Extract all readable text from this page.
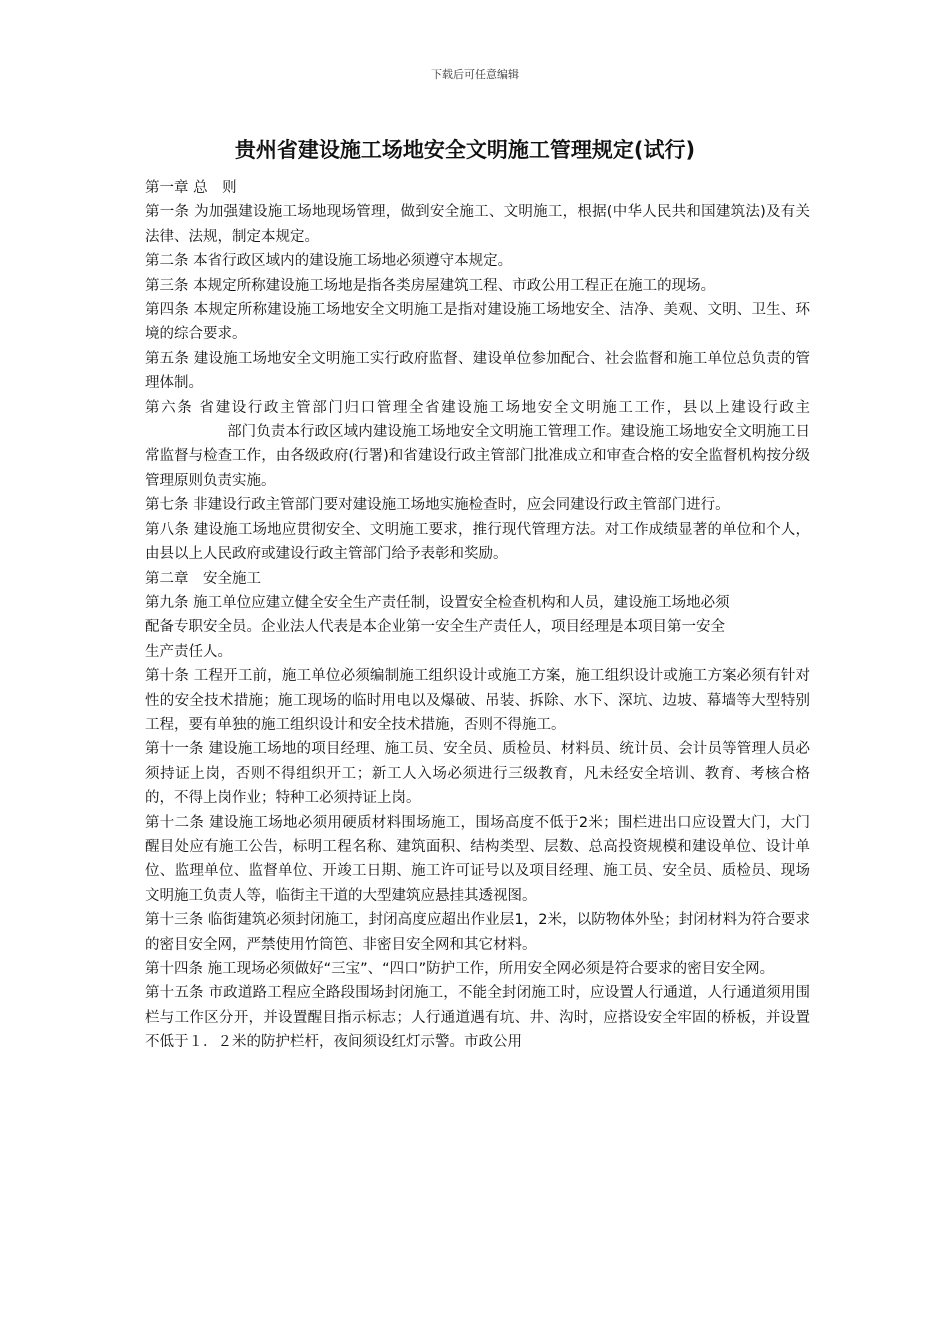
下载后可任意编辑
贵州省建设施工场地安全文明施工管理规定(试行)

第一章 总　则

第一条 为加强建设施工场地现场管理，做到安全施工、文明施工，根据(中华人民共和国建筑法)及有关法律、法规，制定本规定。

第二条 本省行政区域内的建设施工场地必须遵守本规定。

第三条 本规定所称建设施工场地是指各类房屋建筑工程、市政公用工程正在施工的现场。

第四条 本规定所称建设施工场地安全文明施工是指对建设施工场地安全、洁净、美观、文明、卫生、环境的综合要求。

第五条 建设施工场地安全文明施工实行政府监督、建设单位参加配合、社会监督和施工单位总负责的管理体制。

第六条 省建设行政主管部门归口管理全省建设施工场地安全文明施工工作，县以上建设行政主部门负责本行政区域内建设施工场地安全文明施工管理工作。建设施工场地安全文明施工日常监督与检查工作，由各级政府(行署)和省建设行政主管部门批准成立和审查合格的安全监督机构按分级管理原则负责实施。

第七条 非建设行政主管部门要对建设施工场地实施检查时，应会同建设行政主管部门进行。

第八条 建设施工场地应贯彻安全、文明施工要求，推行现代管理方法。对工作成绩显著的单位和个人，由县以上人民政府或建设行政主管部门给予表彰和奖励。

第二章　安全施工

第九条 施工单位应建立健全安全生产责任制，设置安全检查机构和人员，建设施工场地必须

配备专职安全员。企业法人代表是本企业第一安全生产责任人，项目经理是本项目第一安全

生产责任人。

第十条 工程开工前，施工单位必须编制施工组织设计或施工方案，施工组织设计或施工方案必须有针对性的安全技术措施；施工现场的临时用电以及爆破、吊装、拆除、水下、深坑、边坡、幕墙等大型特别工程，要有单独的施工组织设计和安全技术措施，否则不得施工。

第十一条 建设施工场地的项目经理、施工员、安全员、质检员、材料员、统计员、会计员等管理人员必须持证上岗，否则不得组织开工；新工人入场必须进行三级教育，凡未经安全培训、教育、考核合格的，不得上岗作业；特种工必须持证上岗。

第十二条 建设施工场地必须用硬质材料围场施工，围场高度不低于2米；围栏进出口应设置大门，大门醒目处应有施工公告，标明工程名称、建筑面积、结构类型、层数、总高投资规模和建设单位、设计单位、监理单位、监督单位、开竣工日期、施工许可证号以及项目经理、施工员、安全员、质检员、现场文明施工负责人等，临街主干道的大型建筑应悬挂其透视图。

第十三条 临街建筑必须封闭施工，封闭高度应超出作业层1，2米，以防物体外坠；封闭材料为符合要求的密目安全网，严禁使用竹筒笆、非密目安全网和其它材料。

第十四条 施工现场必须做好“三宝”、“四口”防护工作，所用安全网必须是符合要求的密目安全网。

第十五条 市政道路工程应全路段围场封闭施工，不能全封闭施工时，应设置人行通道，人行通道须用围栏与工作区分开，并设置醒目指示标志；人行通道遇有坑、井、沟时，应搭设安全牢固的桥板，并设置不低于１．２米的防护栏杆，夜间须设红灯示警。市政公用
